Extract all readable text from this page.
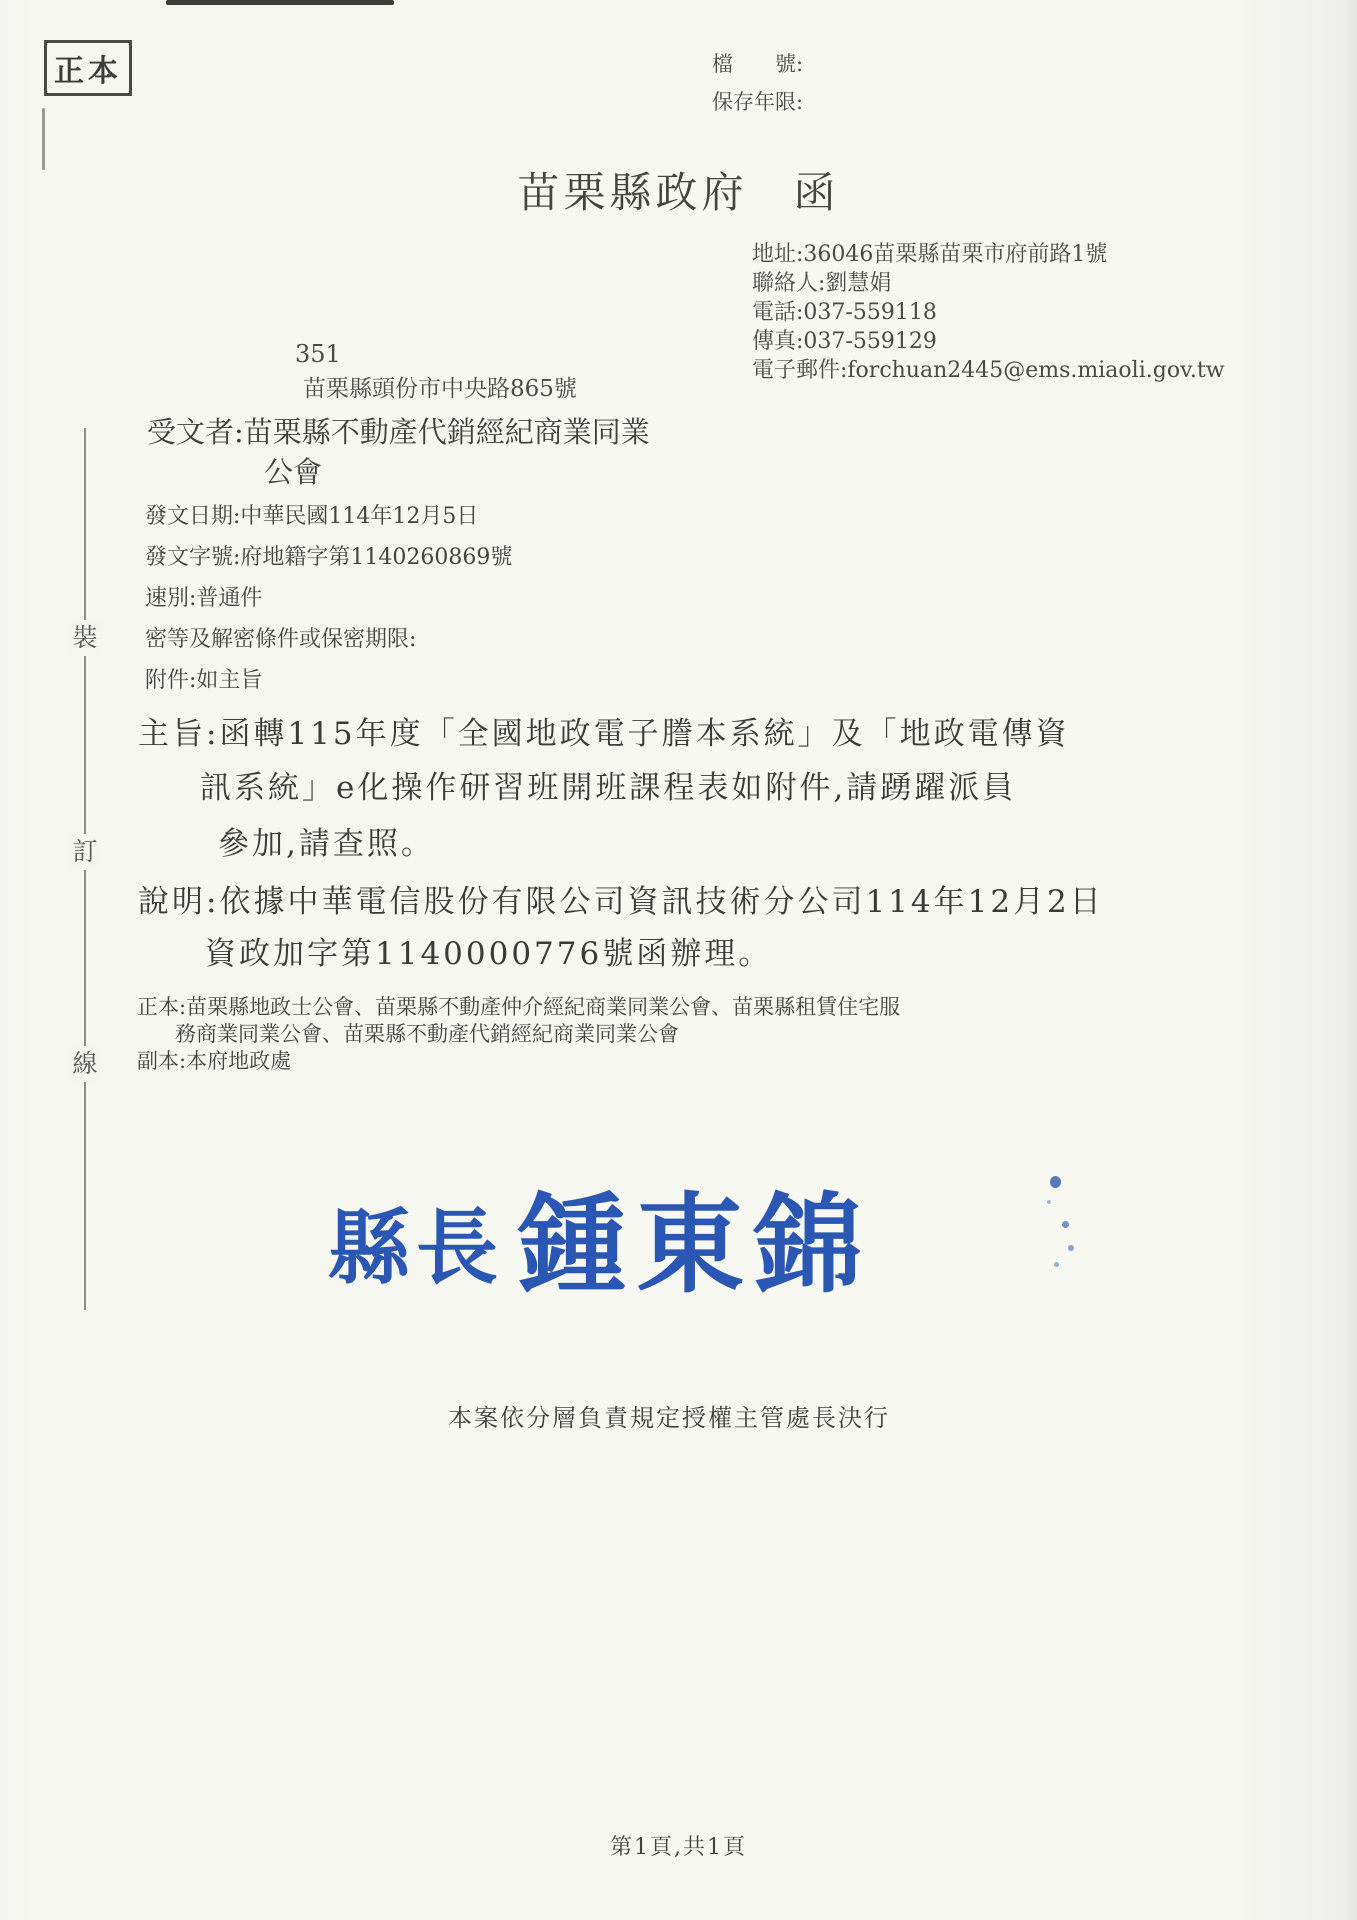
正本	檔　　號:
保存年限:
苗栗縣政府　函
地址:36046苗栗縣苗栗市府前路1號
聯絡人:劉慧娟
電話:037-559118
傳真:037-559129
電子郵件:forchuan2445@ems.miaoli.gov.tw
351
苗栗縣頭份市中央路865號
受文者:苗栗縣不動產代銷經紀商業同業
公會
發文日期:中華民國114年12月5日
發文字號:府地籍字第1140260869號
速別:普通件
密等及解密條件或保密期限:
附件:如主旨
主旨:函轉115年度「全國地政電子謄本系統」及「地政電傳資
訊系統」e化操作研習班開班課程表如附件,請踴躍派員
參加,請查照。
說明:依據中華電信股份有限公司資訊技術分公司114年12月2日
資政加字第1140000776號函辦理。
正本:苗栗縣地政士公會、苗栗縣不動產仲介經紀商業同業公會、苗栗縣租賃住宅服
務商業同業公會、苗栗縣不動產代銷經紀商業同業公會
副本:本府地政處
縣長 鍾東錦
本案依分層負責規定授權主管處長決行
第1頁,共1頁
裝
訂
線
